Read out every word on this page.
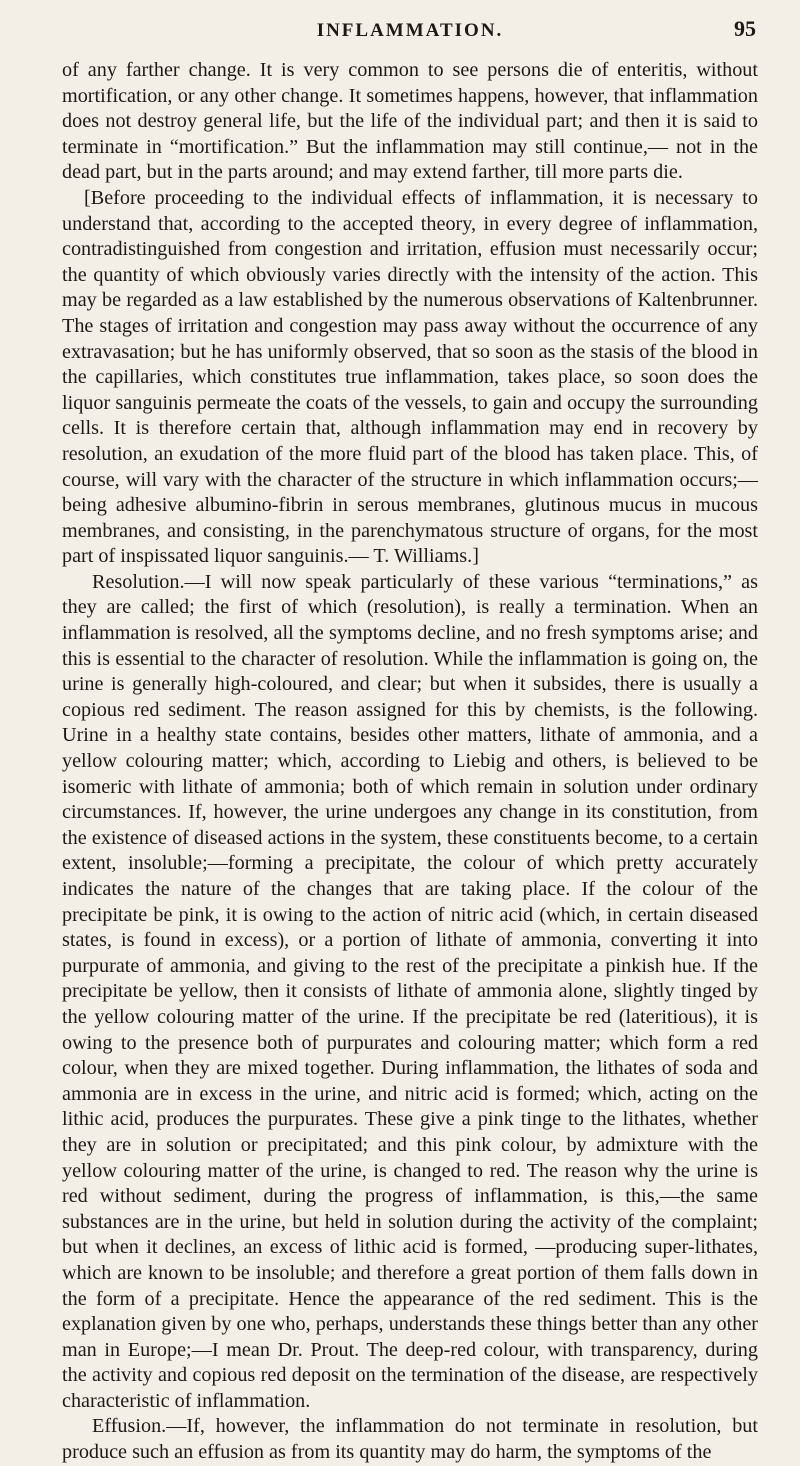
INFLAMMATION.	95

of any farther change. It is very common to see persons die of enteritis, without mortification, or any other change. It sometimes happens, however, that inflammation does not destroy general life, but the life of the individual part; and then it is said to terminate in “mortification.” But the inflammation may still continue,— not in the dead part, but in the parts around; and may extend farther, till more parts die.

[Before proceeding to the individual effects of inflammation, it is necessary to understand that, according to the accepted theory, in every degree of inflammation, contradistinguished from congestion and irritation, effusion must necessarily occur; the quantity of which obviously varies directly with the intensity of the action. This may be regarded as a law established by the numerous observations of Kaltenbrunner. The stages of irritation and congestion may pass away without the occurrence of any extravasation; but he has uniformly observed, that so soon as the stasis of the blood in the capillaries, which constitutes true inflammation, takes place, so soon does the liquor sanguinis permeate the coats of the vessels, to gain and occupy the surrounding cells. It is therefore certain that, although inflammation may end in recovery by resolution, an exudation of the more fluid part of the blood has taken place. This, of course, will vary with the character of the structure in which inflammation occurs;—being adhesive albumino-fibrin in serous membranes, glutinous mucus in mucous membranes, and consisting, in the parenchymatous structure of organs, for the most part of inspissated liquor sanguinis.— T. Williams.]

Resolution.—I will now speak particularly of these various “terminations,” as they are called; the first of which (resolution), is really a termination. When an inflammation is resolved, all the symptoms decline, and no fresh symptoms arise; and this is essential to the character of resolution. While the inflammation is going on, the urine is generally high-coloured, and clear; but when it subsides, there is usually a copious red sediment. The reason assigned for this by chemists, is the following. Urine in a healthy state contains, besides other matters, lithate of ammonia, and a yellow colouring matter; which, according to Liebig and others, is believed to be isomeric with lithate of ammonia; both of which remain in solution under ordinary circumstances. If, however, the urine undergoes any change in its constitution, from the existence of diseased actions in the system, these constituents become, to a certain extent, insoluble;—forming a precipitate, the colour of which pretty accurately indicates the nature of the changes that are taking place. If the colour of the precipitate be pink, it is owing to the action of nitric acid (which, in certain diseased states, is found in excess), or a portion of lithate of ammonia, converting it into purpurate of ammonia, and giving to the rest of the precipitate a pinkish hue. If the precipitate be yellow, then it consists of lithate of ammonia alone, slightly tinged by the yellow colouring matter of the urine. If the precipitate be red (lateritious), it is owing to the presence both of purpurates and colouring matter; which form a red colour, when they are mixed together. During inflammation, the lithates of soda and ammonia are in excess in the urine, and nitric acid is formed; which, acting on the lithic acid, produces the purpurates. These give a pink tinge to the lithates, whether they are in solution or precipitated; and this pink colour, by admixture with the yellow colouring matter of the urine, is changed to red. The reason why the urine is red without sediment, during the progress of inflammation, is this,—the same substances are in the urine, but held in solution during the activity of the complaint; but when it declines, an excess of lithic acid is formed, —producing super-lithates, which are known to be insoluble; and therefore a great portion of them falls down in the form of a precipitate. Hence the appearance of the red sediment. This is the explanation given by one who, perhaps, understands these things better than any other man in Europe;—I mean Dr. Prout. The deep-red colour, with transparency, during the activity and copious red deposit on the termination of the disease, are respectively characteristic of inflammation.

Effusion.—If, however, the inflammation do not terminate in resolution, but produce such an effusion as from its quantity may do harm, the symptoms of the
